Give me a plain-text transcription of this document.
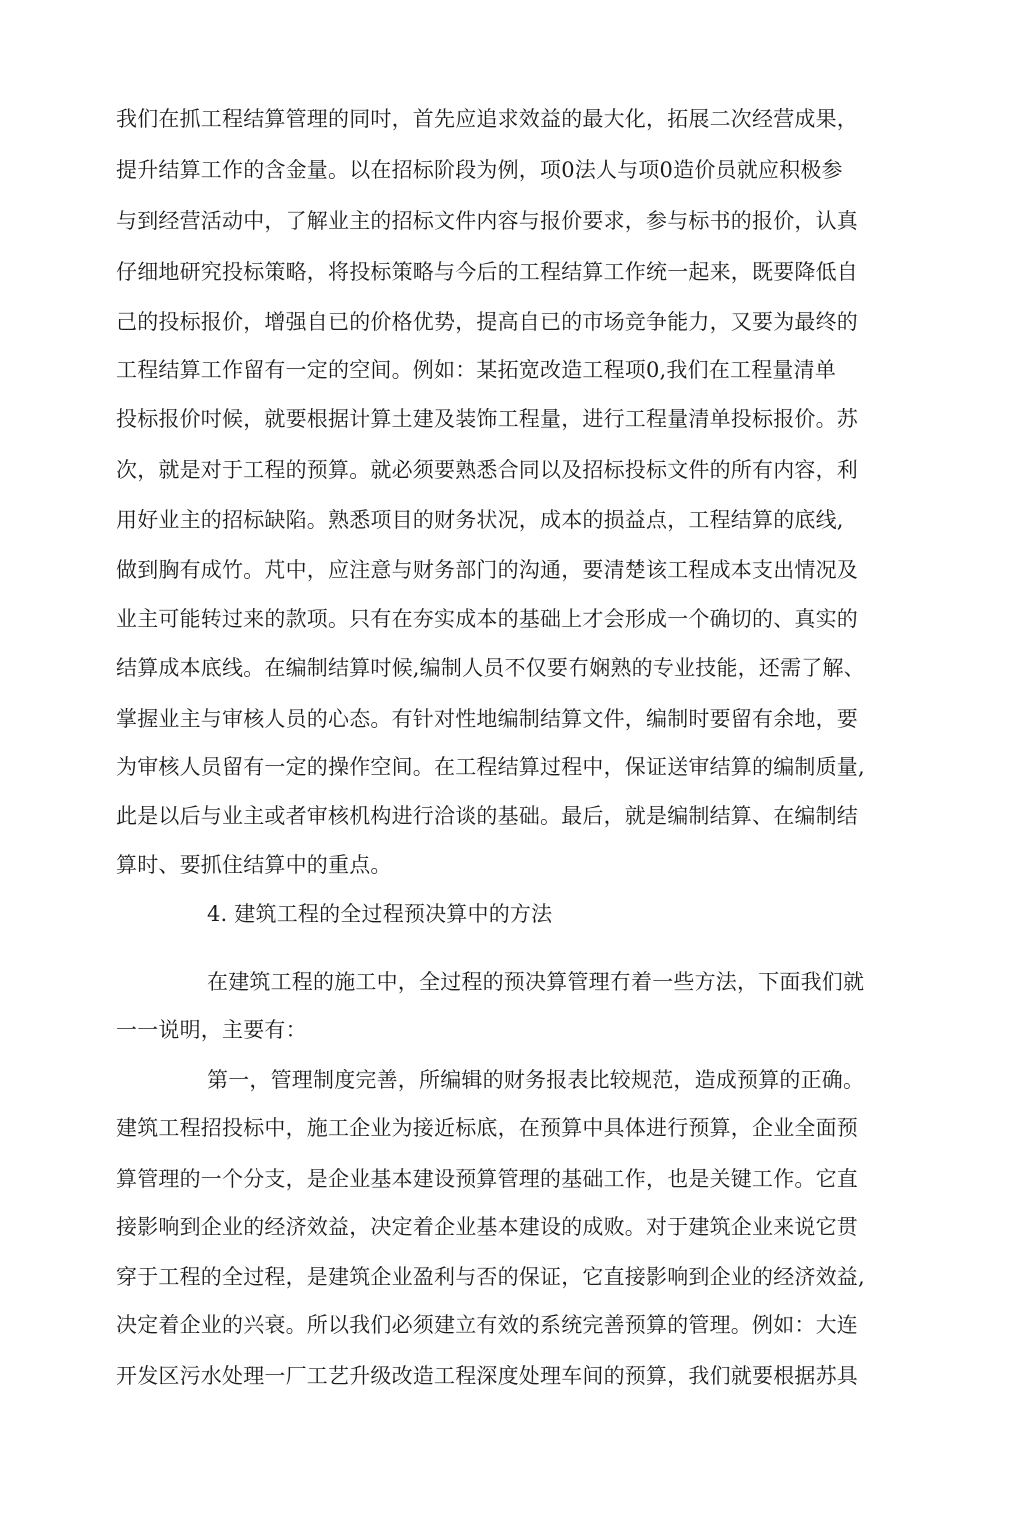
我们在抓工程结算管理的同吋，首先应追求效益的最大化，拓展二次经营成果，
提升结算工作的含金量。以在招标阶段为例，项0法人与项0造价员就应积极参
与到经营活动中，了解业主的招标文件内容与报价要求，参与标书的报价，认真
仔细地研究投标策略，将投标策略与今后的工程结算工作统一起来，既要降低自
己的投标报价，增强自已的价格优势，提高自已的市场竞争能力，又要为最终的
工程结算工作留有一定的空间。例如：某拓宽改造工程项0,我们在工程量清单
投标报价吋候，就要根据计算土建及装饰工程量，进行工程量清单投标报价。苏
次，就是对于工程的预算。就必须要熟悉合同以及招标投标文件的所有内容，利
用好业主的招标缺陷。熟悉项目的财务状况，成本的损益点，工程结算的底线,
做到胸有成竹。芃中，应注意与财务部门的沟通，要清楚该工程成本支出情况及
业主可能转过来的款项。只有在夯实成本的基础上才会形成一个确切的、真实的
结算成本底线。在编制结算吋候,编制人员不仅要冇娴熟的专业技能，还需了解、
掌握业主与审核人员的心态。有针对性地编制结算文件，编制时要留有余地，要
为审核人员留有一定的操作空间。在工程结算过程中，保证送审结算的编制质量,
此是以后与业主或者审核机构进行洽谈的基础。最后，就是编制结算、在编制结
算时、要抓住结算中的重点。
4. 建筑工程的全过程预决算中的方法
在建筑工程的施工中，全过程的预决算管理冇着一些方法，下面我们就
一一说明，主要有：
第一，管理制度完善，所编辑的财务报表比较规范，造成预算的正确。
建筑工程招投标中，施工企业为接近标底，在预算中具体进行预算，企业全面预
算管理的一个分支，是企业基本建设预算管理的基础工作，也是关键工作。它直
接影响到企业的经济效益，决定着企业基本建设的成败。对于建筑企业来说它贯
穿于工程的全过程，是建筑企业盈利与否的保证，它直接影响到企业的经济效益,
决定着企业的兴衰。所以我们必须建立有效的系统完善预算的管理。例如：大连
开发区污水处理一厂工艺升级改造工程深度处理车间的预算，我们就要根据苏具
